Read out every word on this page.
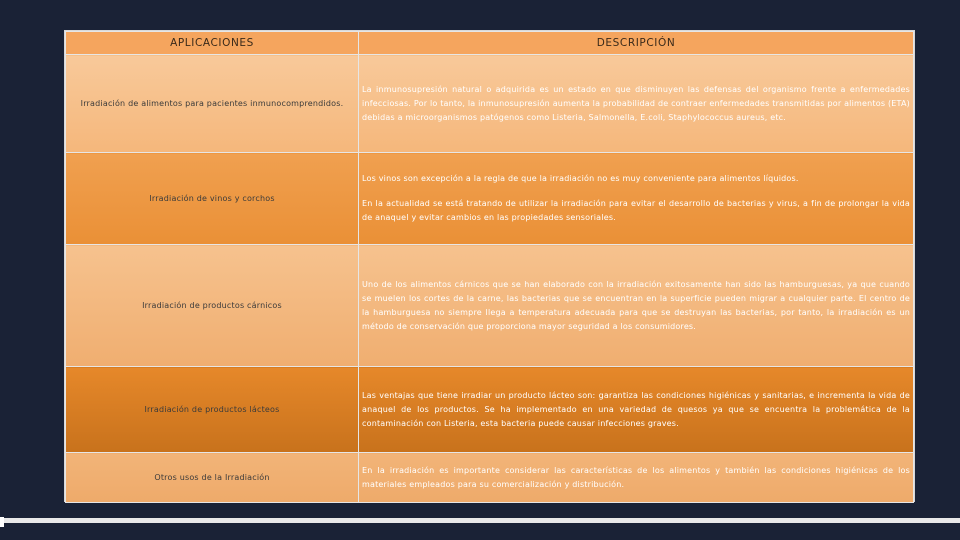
APLICACIONES	DESCRIPCIÓN
Irradiación de alimentos para pacientes inmunocomprendidos.	La inmunosupresión natural o adquirida es un estado en que disminuyen las defensas del organismo frente a enfermedades infecciosas. Por lo tanto, la inmunosupresión aumenta la probabilidad de contraer enfermedades transmitidas por alimentos (ETA) debidas a microorganismos patógenos como Listeria, Salmonella, E.coli, Staphylococcus aureus, etc.

Irradiación de vinos y corchos	Los vinos son excepción a la regla de que la irradiación no es muy conveniente para alimentos líquidos.

En la actualidad se está tratando de utilizar la irradiación para evitar el desarrollo de bacterias y virus, a fin de prolongar la vida de anaquel y evitar cambios en las propiedades sensoriales.

Irradiación de productos cárnicos	Uno de los alimentos cárnicos que se han elaborado con la irradiación exitosamente han sido las hamburguesas, ya que cuando se muelen los cortes de la carne, las bacterias que se encuentran en la superficie pueden migrar a cualquier parte. El centro de la hamburguesa no siempre llega a temperatura adecuada para que se destruyan las bacterias, por tanto, la irradiación es un método de conservación que proporciona mayor seguridad a los consumidores.

Irradiación de productos lácteos	Las ventajas que tiene irradiar un producto lácteo son: garantiza las condiciones higiénicas y sanitarias, e incrementa la vida de anaquel de los productos. Se ha implementado en una variedad de quesos ya que se encuentra la problemática de la contaminación con Listeria, esta bacteria puede causar infecciones graves.

Otros usos de la Irradiación	En la irradiación es importante considerar las características de los alimentos y también las condiciones higiénicas de los materiales empleados para su comercialización y distribución.
